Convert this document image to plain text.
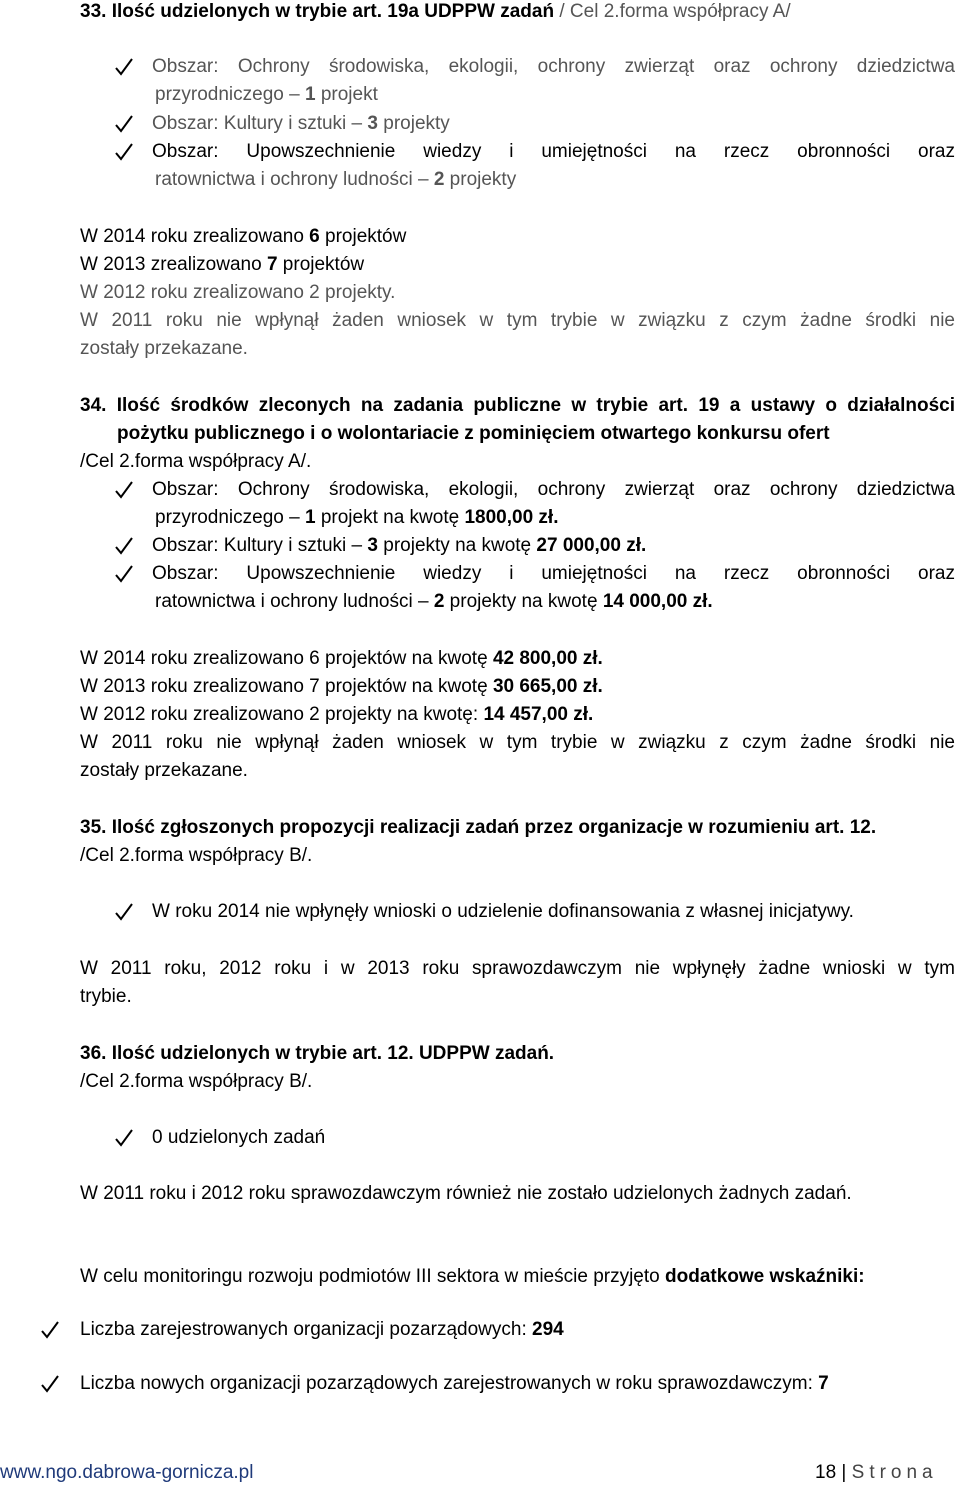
33. Ilość udzielonych w trybie art. 19a UDPPW zadań / Cel 2.forma współpracy A/
Obszar: Ochrony środowiska, ekologii, ochrony zwierząt oraz ochrony dziedzictwa
przyrodniczego – 1 projekt
Obszar: Kultury i sztuki – 3 projekty
Obszar: Upowszechnienie wiedzy i umiejętności na rzecz obronności oraz
ratownictwa i ochrony ludności – 2 projekty
W 2014 roku zrealizowano 6 projektów
W 2013 zrealizowano 7 projektów
W 2012 roku zrealizowano 2 projekty.
W 2011 roku nie wpłynął żaden wniosek w tym trybie w związku z czym żadne środki nie
zostały przekazane.
34. Ilość środków zleconych na zadania publiczne w trybie art. 19 a ustawy o działalności
pożytku publicznego i o wolontariacie z pominięciem otwartego konkursu ofert
/Cel 2.forma współpracy A/.
Obszar: Ochrony środowiska, ekologii, ochrony zwierząt oraz ochrony dziedzictwa
przyrodniczego – 1 projekt na kwotę 1800,00 zł.
Obszar: Kultury i sztuki – 3 projekty na kwotę 27 000,00 zł.
Obszar: Upowszechnienie wiedzy i umiejętności na rzecz obronności oraz
ratownictwa i ochrony ludności – 2 projekty na kwotę 14 000,00 zł.
W 2014 roku zrealizowano 6 projektów na kwotę 42 800,00 zł.
W 2013 roku zrealizowano 7 projektów na kwotę 30 665,00 zł.
W 2012 roku zrealizowano 2 projekty na kwotę: 14 457,00 zł.
W 2011 roku nie wpłynął żaden wniosek w tym trybie w związku z czym żadne środki nie
zostały przekazane.
35. Ilość zgłoszonych propozycji realizacji zadań przez organizacje w rozumieniu art. 12.
/Cel 2.forma współpracy B/.
W roku 2014 nie wpłynęły wnioski o udzielenie dofinansowania z własnej inicjatywy.
W 2011 roku, 2012 roku i w 2013 roku sprawozdawczym nie wpłynęły żadne wnioski w tym
trybie.
36. Ilość udzielonych w trybie art. 12. UDPPW zadań.
/Cel 2.forma współpracy B/.
0 udzielonych zadań
W 2011 roku i 2012 roku sprawozdawczym również nie zostało udzielonych żadnych zadań.
W celu monitoringu rozwoju podmiotów III sektora w mieście przyjęto dodatkowe wskaźniki:
Liczba zarejestrowanych organizacji pozarządowych: 294
Liczba nowych organizacji pozarządowych zarejestrowanych w roku sprawozdawczym: 7
www.ngo.dabrowa-gornicza.pl	18 | Strona
